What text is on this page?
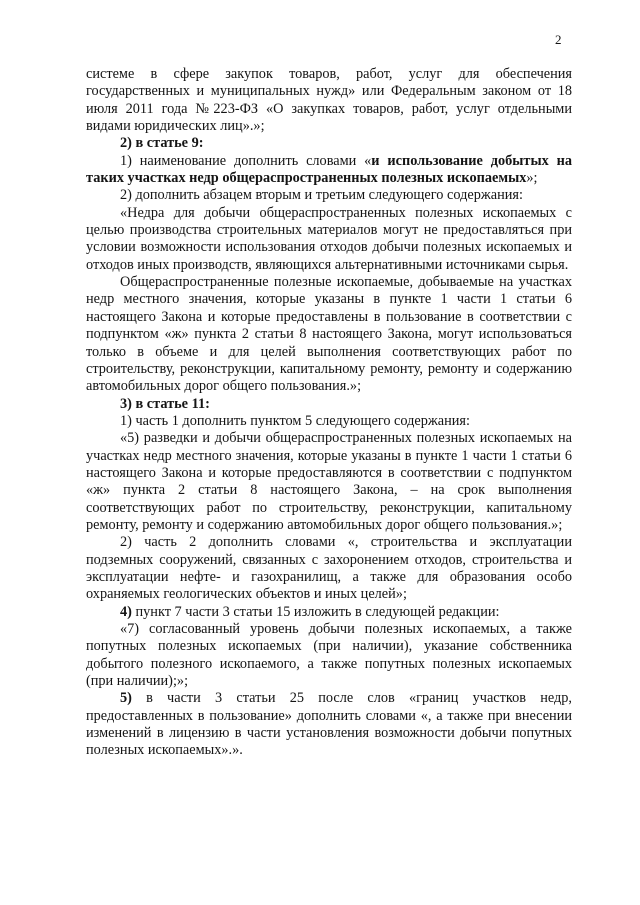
2

системе в сфере закупок товаров, работ, услуг для обеспечения государственных и муниципальных нужд» или Федеральным законом от 18 июля 2011 года №223-ФЗ «О закупках товаров, работ, услуг отдельными видами юридических лиц».»;

2) в статье 9:

1) наименование дополнить словами «и использование добытых на таких участках недр общераспространенных полезных ископаемых»;

2) дополнить абзацем вторым и третьим следующего содержания:

«Недра для добычи общераспространенных полезных ископаемых с целью производства строительных материалов могут не предоставляться при условии возможности использования отходов добычи полезных ископаемых и отходов иных производств, являющихся альтернативными источниками сырья.

Общераспространенные полезные ископаемые, добываемые на участках недр местного значения, которые указаны в пункте 1 части 1 статьи 6 настоящего Закона и которые предоставлены в пользование в соответствии с подпунктом «ж» пункта 2 статьи 8 настоящего Закона, могут использоваться только в объеме и для целей выполнения соответствующих работ по строительству, реконструкции, капитальному ремонту, ремонту и содержанию автомобильных дорог общего пользования.»;

3) в статье 11:

1) часть 1 дополнить пунктом 5 следующего содержания:

«5) разведки и добычи общераспространенных полезных ископаемых на участках недр местного значения, которые указаны в пункте 1 части 1 статьи 6 настоящего Закона и которые предоставляются в соответствии с подпунктом «ж» пункта 2 статьи 8 настоящего Закона, – на срок выполнения соответствующих работ по строительству, реконструкции, капитальному ремонту, ремонту и содержанию автомобильных дорог общего пользования.»;

2) часть 2 дополнить словами «, строительства и эксплуатации подземных сооружений, связанных с захоронением отходов, строительства и эксплуатации нефте- и газохранилищ, а также для образования особо охраняемых геологических объектов и иных целей»;

4) пункт 7 части 3 статьи 15 изложить в следующей редакции:

«7) согласованный уровень добычи полезных ископаемых, а также попутных полезных ископаемых (при наличии), указание собственника добытого полезного ископаемого, а также попутных полезных ископаемых (при наличии);»;

5) в части 3 статьи 25 после слов «границ участков недр, предоставленных в пользование» дополнить словами «, а также при внесении изменений в лицензию в части установления возможности добычи попутных полезных ископаемых».».
